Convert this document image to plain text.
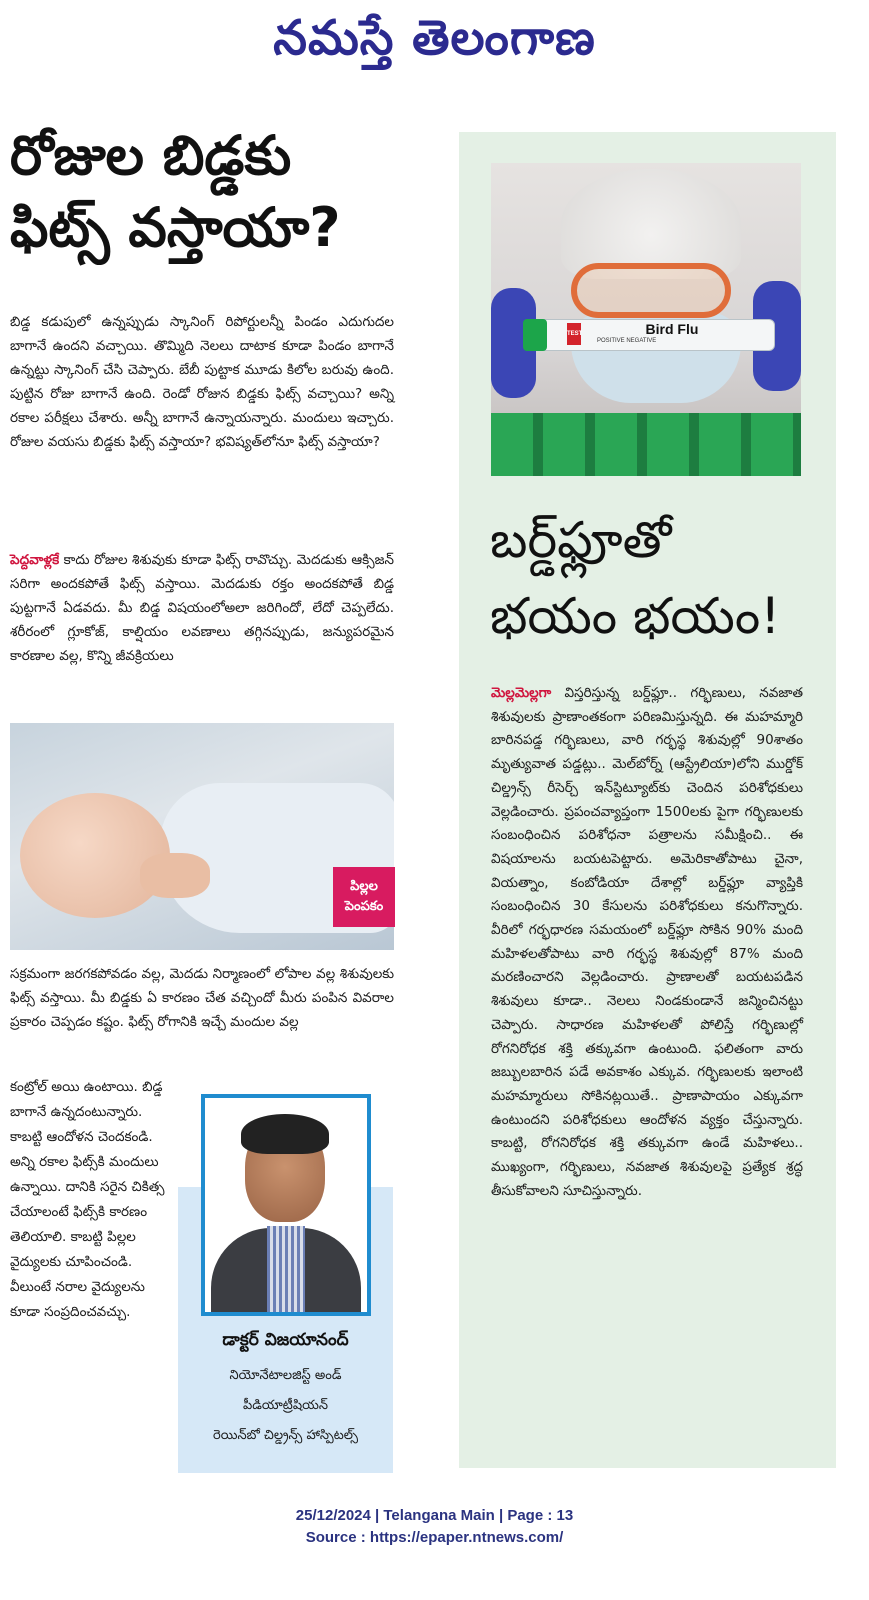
నమస్తే తెలంగాణ
రోజుల బిడ్డకు
ఫిట్స్ వస్తాయా?
బిడ్డ కడుపులో ఉన్నప్పుడు స్కానింగ్ రిపోర్టులన్నీ పిండం ఎదుగుదల బాగానే ఉందని వచ్చాయి. తొమ్మిది నెలలు దాటాక కూడా పిండం బాగానే ఉన్నట్టు స్కానింగ్ చేసి చెప్పారు. బేబీ పుట్టాక మూడు కిలోల బరువు ఉంది. పుట్టిన రోజు బాగానే ఉంది. రెండో రోజున బిడ్డకు ఫిట్స్ వచ్చాయి? అన్ని రకాల పరీక్షలు చేశారు. అన్నీ బాగానే ఉన్నాయన్నారు. మందులు ఇచ్చారు. రోజుల వయసు బిడ్డకు ఫిట్స్ వస్తాయా? భవిష్యత్‌లోనూ ఫిట్స్ వస్తాయా?
పెద్దవాళ్లకే కాదు రోజుల శిశువుకు కూడా ఫిట్స్ రావొచ్చు. మెదడుకు ఆక్సిజన్ సరిగా అందకపోతే ఫిట్స్ వస్తాయి. మెదడుకు రక్తం అందకపోతే బిడ్డ పుట్టగానే ఏడవదు. మీ బిడ్డ విషయంలోఅలా జరిగిందో, లేదో చెప్పలేదు. శరీరంలో గ్లూకోజ్, కాల్షియం లవణాలు తగ్గినప్పుడు, జన్యుపరమైన కారణాల వల్ల, కొన్ని జీవక్రియలు
పిల్లల
పెంపకం
సక్రమంగా జరగకపోవడం వల్ల, మెదడు నిర్మాణంలో లోపాల వల్ల శిశువులకు ఫిట్స్ వస్తాయి. మీ బిడ్డకు ఏ కారణం చేత వచ్చిందో మీరు పంపిన వివరాల ప్రకారం చెప్పడం కష్టం. ఫిట్స్ రోగానికి ఇచ్చే మందుల వల్ల
కంట్రోల్ అయి ఉంటాయి. బిడ్డ బాగానే ఉన్నదంటున్నారు. కాబట్టి ఆందోళన చెందకండి. అన్ని రకాల ఫిట్స్‌కి మందులు ఉన్నాయి. దానికి సరైన చికిత్స చేయాలంటే ఫిట్స్‌కి కారణం తెలియాలి. కాబట్టి పిల్లల వైద్యులకు చూపించండి. వీలుంటే నరాల వైద్యులను కూడా సంప్రదించవచ్చు.
డాక్టర్ విజయానంద్
నియోనేటాలజిస్ట్ అండ్
పీడియాట్రీషియన్
రెయిన్‌బో చిల్డ్రన్స్ హాస్పిటల్స్
TEST	Bird Flu
POSITIVE NEGATIVE
బర్డ్‌ఫ్లూతో
భయం భయం!
మెల్లమెల్లగా విస్తరిస్తున్న బర్డ్‌ఫ్లూ.. గర్భిణులు, నవజాత శిశువులకు ప్రాణాంతకంగా పరిణమిస్తున్నది. ఈ మహమ్మారి బారినపడ్డ గర్భిణులు, వారి గర్భస్థ శిశువుల్లో 90శాతం మృత్యువాత పడ్డట్లు.. మెల్‌బోర్న్ (ఆస్ట్రేలియా)లోని ముర్డోక్ చిల్డ్రన్స్ రీసెర్చ్ ఇన్‌స్టిట్యూట్‌కు చెందిన పరిశోధకులు వెల్లడించారు. ప్రపంచవ్యాప్తంగా 1500లకు పైగా గర్భిణులకు సంబంధించిన పరిశోధనా పత్రాలను సమీక్షించి.. ఈ విషయాలను బయటపెట్టారు. అమెరికాతోపాటు చైనా, వియత్నాం, కంబోడియా దేశాల్లో బర్డ్‌ఫ్లూ వ్యాప్తికి సంబంధించిన 30 కేసులను పరిశోధకులు కనుగొన్నారు. వీరిలో గర్భధారణ సమయంలో బర్డ్‌ఫ్లూ సోకిన 90% మంది మహిళలతోపాటు వారి గర్భస్థ శిశువుల్లో 87% మంది మరణించారని వెల్లడించారు. ప్రాణాలతో బయటపడిన శిశువులు కూడా.. నెలలు నిండకుండానే జన్మించినట్టు చెప్పారు. సాధారణ మహిళలతో పోలిస్తే గర్భిణుల్లో రోగనిరోధక శక్తి తక్కువగా ఉంటుంది. ఫలితంగా వారు జబ్బులబారిన పడే అవకాశం ఎక్కువ. గర్భిణులకు ఇలాంటి మహమ్మారులు సోకినట్లయితే.. ప్రాణాపాయం ఎక్కువగా ఉంటుందని పరిశోధకులు ఆందోళన వ్యక్తం చేస్తున్నారు. కాబట్టి, రోగనిరోధక శక్తి తక్కువగా ఉండే మహిళలు.. ముఖ్యంగా, గర్భిణులు, నవజాత శిశువులపై ప్రత్యేక శ్రద్ధ తీసుకోవాలని సూచిస్తున్నారు.
25/12/2024 | Telangana Main | Page : 13
Source : https://epaper.ntnews.com/
